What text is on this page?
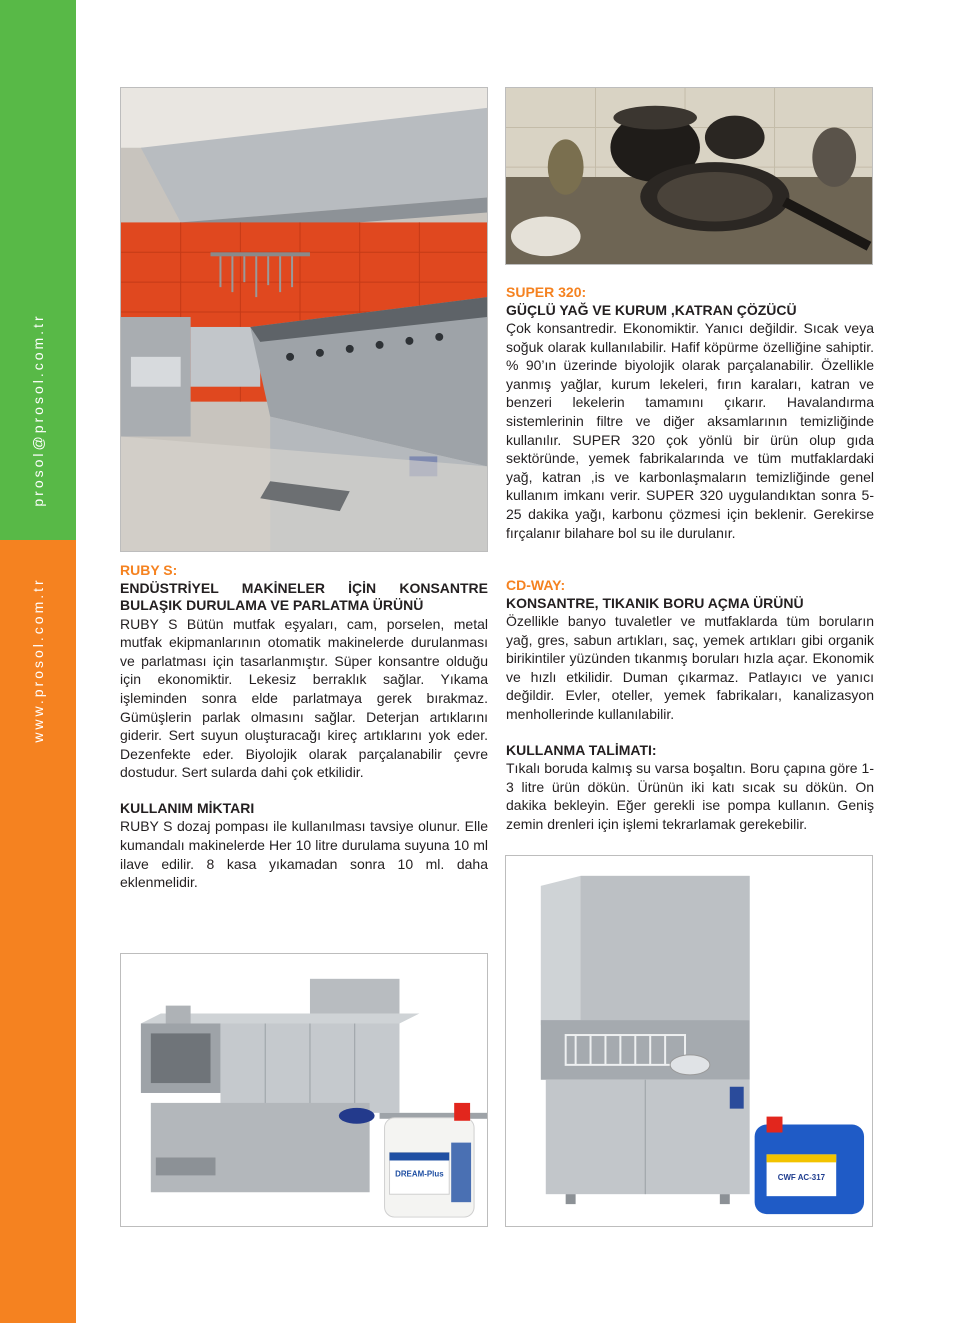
prosol@prosol.com.tr
www.prosol.com.tr

SUPER 320:

GÜÇLÜ YAĞ VE KURUM ,KATRAN ÇÖZÜCÜ

Çok konsantredir. Ekonomiktir. Yanıcı değildir. Sıcak veya soğuk olarak kullanılabilir. Hafif köpürme özelliğine sahiptir. % 90’ın üzerinde biyolojik olarak parçalanabilir. Özellikle yanmış yağlar, kurum lekeleri, fırın karaları, katran ve benzeri lekelerin tamamını çıkarır. Havalandırma sistemlerinin filtre ve diğer aksamlarının temizliğinde kullanılır. SUPER 320 çok yönlü bir ürün olup gıda sektöründe, yemek fabrikalarında ve tüm mutfaklardaki yağ, katran ,is ve karbonlaşmaların temizliğinde genel kullanım imkanı verir. SUPER 320 uygulandıktan sonra 5-25 dakika yağı, karbonu çözmesi için beklenir. Gerekirse fırçalanır bilahare bol su ile durulanır.

CD-WAY:

KONSANTRE, TIKANIK BORU AÇMA ÜRÜNÜ

Özellikle banyo tuvaletler ve mutfaklarda tüm boruların yağ, gres, sabun artıkları, saç, yemek artıkları gibi organik birikintiler yüzünden tıkanmış boruları hızla açar. Ekonomik ve hızlı etkilidir. Duman çıkarmaz. Patlayıcı ve yanıcı değildir. Evler, oteller, yemek fabrikaları, kanalizasyon menhollerinde kullanılabilir.

KULLANMA TALİMATI:

Tıkalı boruda kalmış su varsa boşaltın. Boru çapına göre 1-3 litre ürün dökün. Ürünün iki katı sıcak su dökün. On dakika bekleyin. Eğer gerekli ise pompa kullanın. Geniş zemin drenleri için işlemi tekrarlamak gerekebilir.

RUBY S:

ENDÜSTRİYEL MAKİNELER İÇİN KONSANTRE BULAŞIK DURULAMA VE PARLATMA ÜRÜNÜ

RUBY S Bütün mutfak eşyaları, cam, porselen, metal mutfak ekipmanlarının otomatik makinelerde durulanması ve parlatması için tasarlanmıştır. Süper konsantre olduğu için ekonomiktir. Lekesiz berraklık sağlar. Yıkama işleminden sonra elde parlatmaya gerek bırakmaz. Gümüşlerin parlak olmasını sağlar. Deterjan artıklarını giderir. Sert suyun oluşturacağı kireç artıklarını yok eder. Dezenfekte eder. Biyolojik olarak parçalanabilir çevre dostudur. Sert sularda dahi çok etkilidir.

KULLANIM MİKTARI

RUBY S dozaj pompası ile kullanılması tavsiye olunur. Elle kumandalı makinelerde Her 10 litre durulama suyuna 10 ml ilave edilir. 8 kasa yıkamadan sonra 10 ml. daha eklenmelidir.

DREAM-Plus	CWF AC-317
